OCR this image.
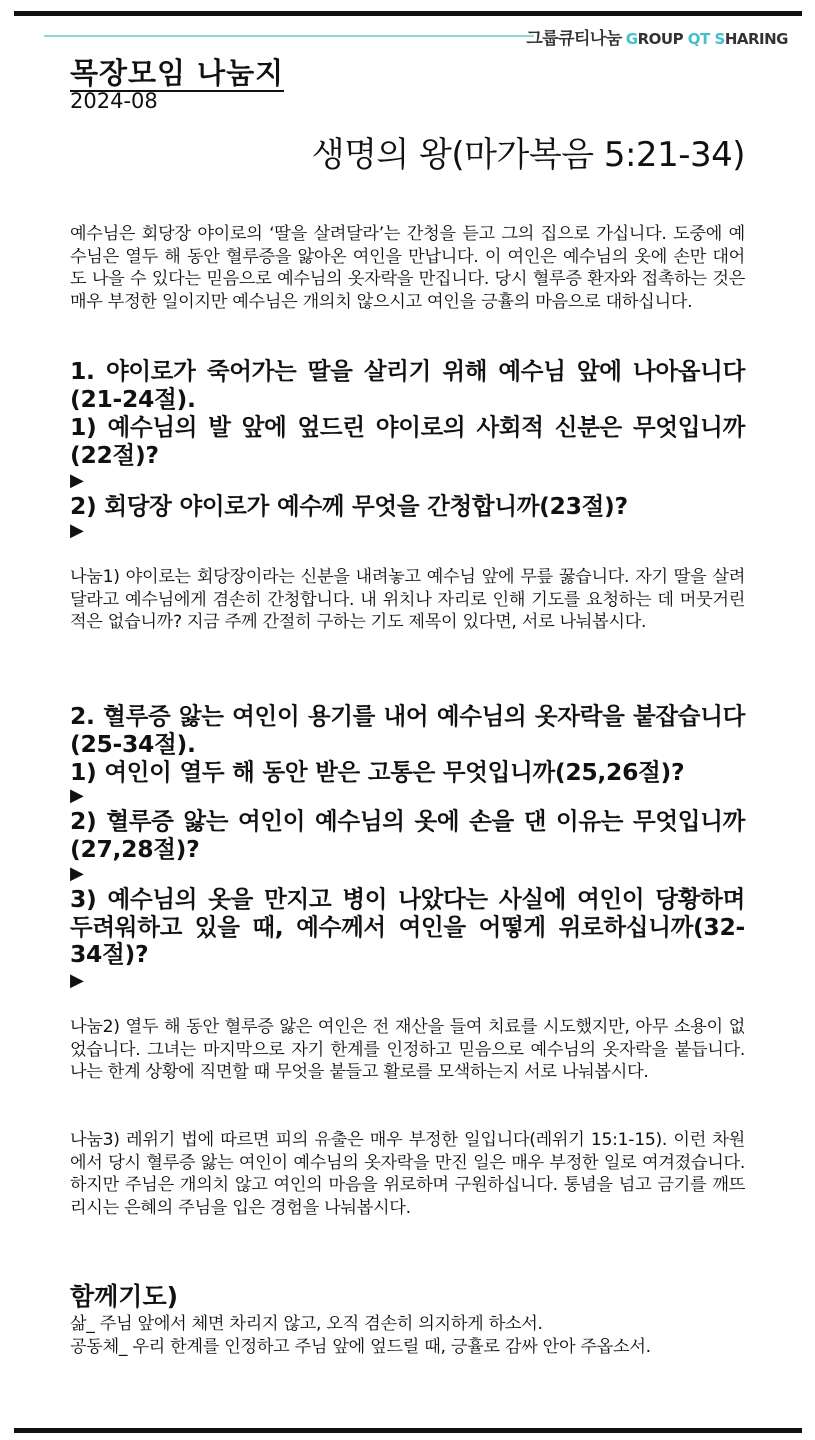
그룹큐티나눔 GROUP QT SHARING
목장모임 나눔지
2024-08
생명의 왕(마가복음 5:21-34)
예수님은 회당장 야이로의 ‘딸을 살려달라’는 간청을 듣고 그의 집으로 가십니다. 도중에 예수님은 열두 해 동안 혈루증을 앓아온 여인을 만납니다. 이 여인은 예수님의 옷에 손만 대어도 나을 수 있다는 믿음으로 예수님의 옷자락을 만집니다. 당시 혈루증 환자와 접촉하는 것은 매우 부정한 일이지만 예수님은 개의치 않으시고 여인을 긍휼의 마음으로 대하십니다.
1. 야이로가 죽어가는 딸을 살리기 위해 예수님 앞에 나아옵니다(21-24절).
1) 예수님의 발 앞에 엎드린 야이로의 사회적 신분은 무엇입니까(22절)?
▶
2) 회당장 야이로가 예수께 무엇을 간청합니까(23절)?
▶
나눔1) 야이로는 회당장이라는 신분을 내려놓고 예수님 앞에 무릎 꿇습니다. 자기 딸을 살려달라고 예수님에게 겸손히 간청합니다. 내 위치나 자리로 인해 기도를 요청하는 데 머뭇거린 적은 없습니까? 지금 주께 간절히 구하는 기도 제목이 있다면, 서로 나눠봅시다.
2. 혈루증 앓는 여인이 용기를 내어 예수님의 옷자락을 붙잡습니다(25-34절).
1) 여인이 열두 해 동안 받은 고통은 무엇입니까(25,26절)?
▶
2) 혈루증 앓는 여인이 예수님의 옷에 손을 댄 이유는 무엇입니까(27,28절)?
▶
3) 예수님의 옷을 만지고 병이 나았다는 사실에 여인이 당황하며 두려워하고 있을 때, 예수께서 여인을 어떻게 위로하십니까(32-34절)?
▶
나눔2) 열두 해 동안 혈루증 앓은 여인은 전 재산을 들여 치료를 시도했지만, 아무 소용이 없었습니다. 그녀는 마지막으로 자기 한계를 인정하고 믿음으로 예수님의 옷자락을 붙듭니다. 나는 한계 상황에 직면할 때 무엇을 붙들고 활로를 모색하는지 서로 나눠봅시다.
나눔3) 레위기 법에 따르면 피의 유출은 매우 부정한 일입니다(레위기 15:1-15). 이런 차원에서 당시 혈루증 앓는 여인이 예수님의 옷자락을 만진 일은 매우 부정한 일로 여겨졌습니다. 하지만 주님은 개의치 않고 여인의 마음을 위로하며 구원하십니다. 통념을 넘고 금기를 깨뜨리시는 은혜의 주님을 입은 경험을 나눠봅시다.
함께기도)
삶_ 주님 앞에서 체면 차리지 않고, 오직 겸손히 의지하게 하소서.
공동체_ 우리 한계를 인정하고 주님 앞에 엎드릴 때, 긍휼로 감싸 안아 주옵소서.
